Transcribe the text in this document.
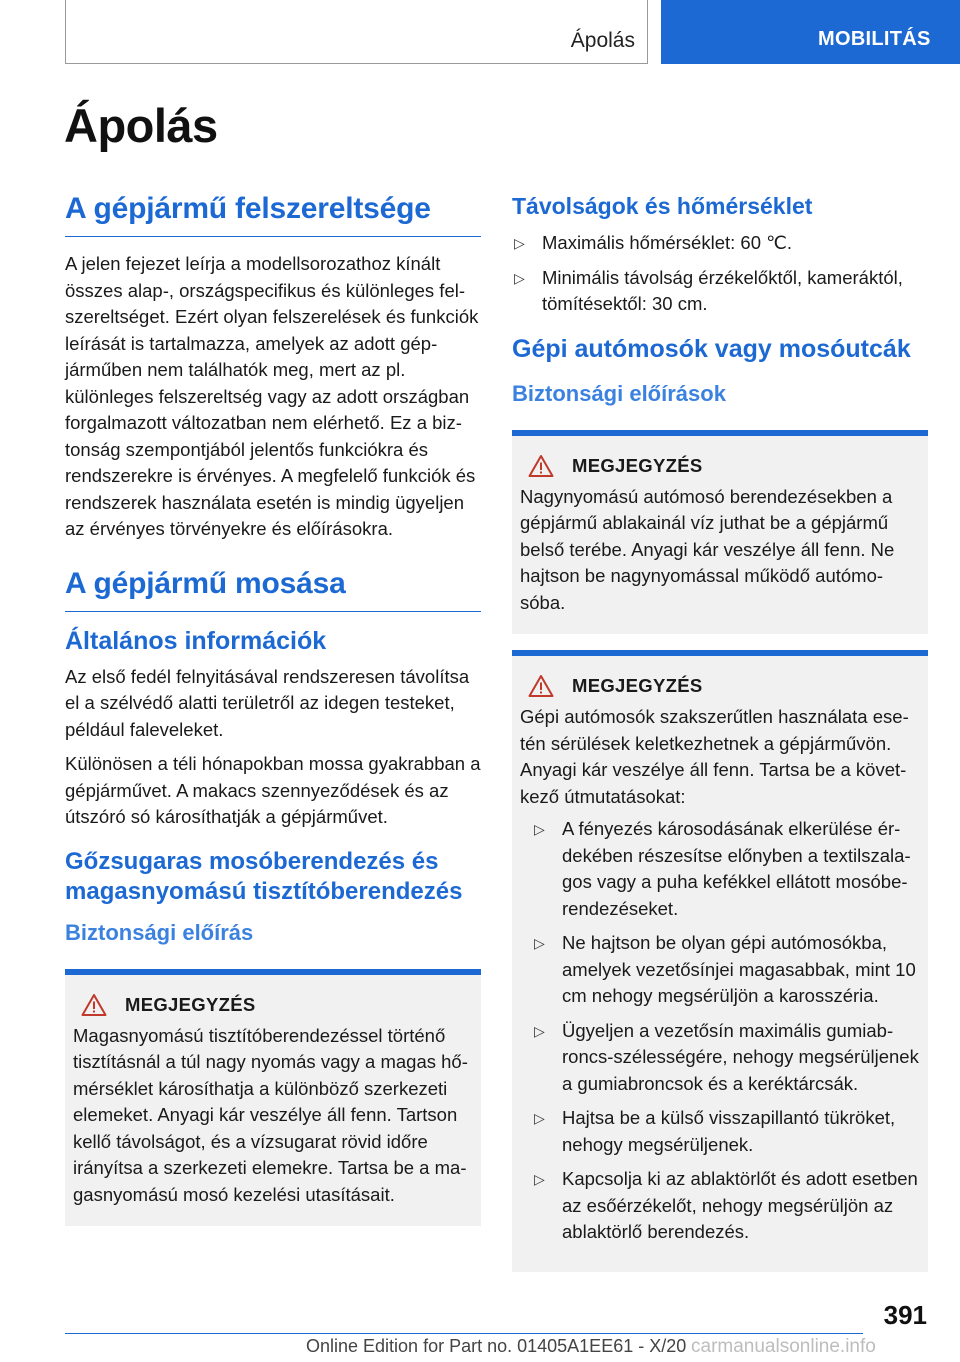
Ápolás	MOBILITÁS
Ápolás
A gépjármű felszereltsége

A jelen fejezet leírja a modellsorozathoz kínált összes alap-, országspecifikus és különleges felszereltséget. Ezért olyan felszerelések és funkciók leírását is tartalmazza, amelyek az adott gépjárműben nem találhatók meg, mert az pl. különleges felszereltség vagy az adott országban forgalmazott változatban nem elérhető. Ez a biztonság szempontjából jelentős funkciókra és rendszerekre is érvényes. A megfelelő funkciók és rendszerek használata esetén is mindig ügyeljen az érvényes törvényekre és előírásokra.

A gépjármű mosása
Általános információk

Az első fedél felnyitásával rendszeresen távolítsa el a szélvédő alatti területről az idegen testeket, például faleveleket.

Különösen a téli hónapokban mossa gyakrabban a gépjárművet. A makacs szennyeződések és az útszóró só károsíthatják a gépjárművet.

Gőzsugaras mosóberendezés és magasnyomású tisztítóberendezés
Biztonsági előírás
MEGJEGYZÉS

Magasnyomású tisztítóberendezéssel történő tisztításnál a túl nagy nyomás vagy a magas hőmérséklet károsíthatja a különböző szerkezeti elemeket. Anyagi kár veszélye áll fenn. Tartson kellő távolságot, és a vízsugarat rövid időre irányítsa a szerkezeti elemekre. Tartsa be a magasnyomású mosó kezelési utasításait.

Távolságok és hőmérséklet
▷ Maximális hőmérséklet: 60 ℃.
▷ Minimális távolság érzékelőktől, kameráktól, tömítésektől: 30 cm.
Gépi autómosók vagy mosóutcák
Biztonsági előírások
MEGJEGYZÉS

Nagynyomású autómosó berendezésekben a gépjármű ablakainál víz juthat be a gépjármű belső terébe. Anyagi kár veszélye áll fenn. Ne hajtson be nagynyomással működő autómosóba.

MEGJEGYZÉS

Gépi autómosók szakszerűtlen használata esetén sérülések keletkezhetnek a gépjárművön. Anyagi kár veszélye áll fenn. Tartsa be a következő útmutatásokat:

▷ A fényezés károsodásának elkerülése érdekében részesítse előnyben a textilszalagos vagy a puha kefékkel ellátott mosóberendezéseket.
▷ Ne hajtson be olyan gépi autómosókba, amelyek vezetősínjei magasabbak, mint 10 cm nehogy megsérüljön a karosszéria.
▷ Ügyeljen a vezetősín maximális gumiabroncs-szélességére, nehogy megsérüljenek a gumiabroncsok és a keréktárcsák.
▷ Hajtsa be a külső visszapillantó tükröket, nehogy megsérüljenek.
▷ Kapcsolja ki az ablaktörlőt és adott esetben az esőérzékelőt, nehogy megsérüljön az ablaktörlő berendezés.
391
Online Edition for Part no. 01405A1EE61 - X/20 carmanualsonline.info
